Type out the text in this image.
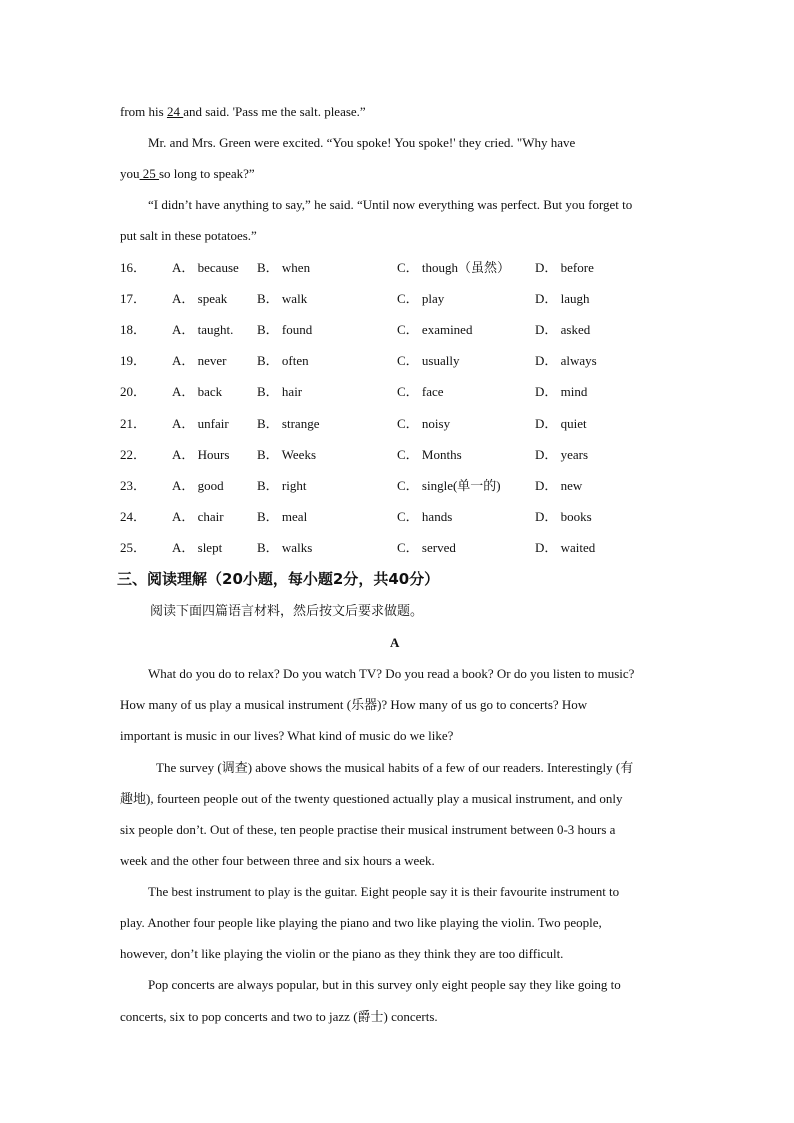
from his 24 and said. 'Pass me the salt. please.”
Mr. and Mrs. Green were excited. “You spoke! You spoke!' they cried. "Why have
you 25 so long to speak?”
“I didn’t have anything to say,” he said. “Until now everything was perfect. But you forget to
put salt in these potatoes.”
16． A． because B． when	C． though（虽然） D． before
17． A． speak B． walk	C． play	D． laugh
18． A． taught. B． found	C． examined	D． asked
19． A． never B． often	C． usually	D． always
20． A． back	B． hair	C． face	D． mind
21． A． unfair B． strange	C． noisy	D． quiet
22． A． Hours B． Weeks	C． Months	D． years
23． A． good	B． right	C． single(单一的)	D． new
24． A． chair	B． meal	C． hands	D． books
25． A． slept	B． walks	C． served	D． waited
三、阅读理解（20小题，每小题2分，共40分）
阅读下面四篇语言材料，然后按文后要求做题。
A
What do you do to relax? Do you watch TV? Do you read a book? Or do you listen to music?
How many of us play a musical instrument (乐器)? How many of us go to concerts? How
important is music in our lives? What kind of music do we like?
The survey (调查) above shows the musical habits of a few of our readers. Interestingly (有
趣地), fourteen people out of the twenty questioned actually play a musical instrument, and only
six people don’t. Out of these, ten people practise their musical instrument between 0-3 hours a
week and the other four between three and six hours a week.
The best instrument to play is the guitar. Eight people say it is their favourite instrument to
play. Another four people like playing the piano and two like playing the violin. Two people,
however, don’t like playing the violin or the piano as they think they are too difficult.
Pop concerts are always popular, but in this survey only eight people say they like going to
concerts, six to pop concerts and two to jazz (爵士) concerts.
